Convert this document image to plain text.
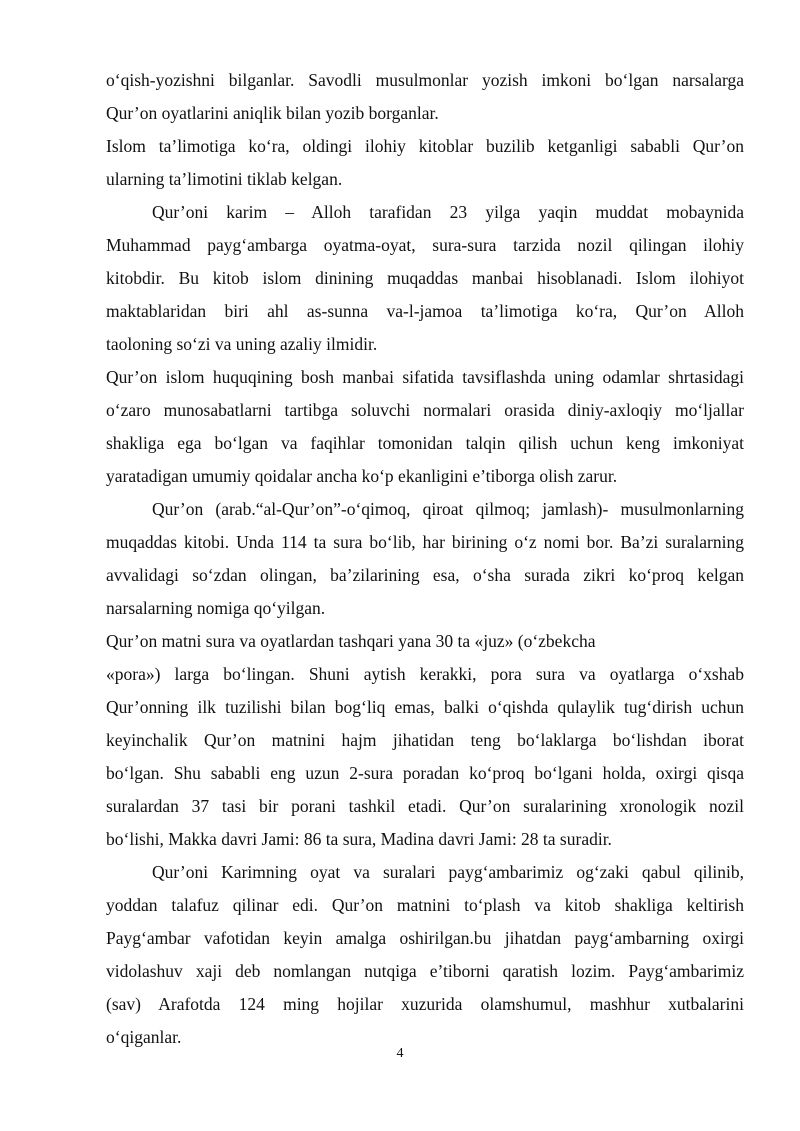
o‘qish-yozishni bilganlar. Savodli musulmonlar yozish imkoni bo‘lgan narsalarga
Qur’on oyatlarini aniqlik bilan yozib borganlar.
Islom ta’limotiga ko‘ra, oldingi ilohiy kitoblar buzilib ketganligi sababli Qur’on
ularning ta’limotini tiklab kelgan.
Qur’oni karim – Alloh tarafidan 23 yilga yaqin muddat mobaynida
Muhammad payg‘ambarga oyatma-oyat, sura-sura tarzida nozil qilingan ilohiy
kitobdir. Bu kitob islom dinining muqaddas manbai hisoblanadi. Islom ilohiyot
maktablaridan biri ahl as-sunna va-l-jamoa ta’limotiga ko‘ra, Qur’on Alloh
taoloning so‘zi va uning azaliy ilmidir.
Qur’on islom huquqining bosh manbai sifatida tavsiflashda uning odamlar shrtasidagi
o‘zaro munosabatlarni tartibga soluvchi normalari orasida diniy-axloqiy mo‘ljallar
shakliga ega bo‘lgan va faqihlar tomonidan talqin qilish uchun keng imkoniyat
yaratadigan umumiy qoidalar ancha ko‘p ekanligini e’tiborga olish zarur.
Qur’on (arab.“al-Qur’on”-o‘qimoq, qiroat qilmoq; jamlash)- musulmonlarning
muqaddas kitobi. Unda 114 ta sura bo‘lib, har birining o‘z nomi bor. Ba’zi suralarning
avvalidagi so‘zdan olingan, ba’zilarining esa, o‘sha surada zikri ko‘proq kelgan
narsalarning nomiga qo‘yilgan.
Qur’on matni sura va oyatlardan tashqari yana 30 ta «juz» (o‘zbekcha
«pora») larga bo‘lingan. Shuni aytish kerakki, pora sura va oyatlarga o‘xshab
Qur’onning ilk tuzilishi bilan bog‘liq emas, balki o‘qishda qulaylik tug‘dirish uchun
keyinchalik Qur’on matnini hajm jihatidan teng bo‘laklarga bo‘lishdan iborat
bo‘lgan. Shu sababli eng uzun 2-sura poradan ko‘proq bo‘lgani holda, oxirgi qisqa
suralardan 37 tasi bir porani tashkil etadi. Qur’on suralarining xronologik nozil
bo‘lishi, Makka davri Jami: 86 ta sura, Madina davri Jami: 28 ta suradir.
Qur’oni Karimning oyat va suralari payg‘ambarimiz og‘zaki qabul qilinib,
yoddan talafuz qilinar edi. Qur’on matnini to‘plash va kitob shakliga keltirish
Payg‘ambar vafotidan keyin amalga oshirilgan.bu jihatdan payg‘ambarning oxirgi
vidolashuv xaji deb nomlangan nutqiga e’tiborni qaratish lozim. Payg‘ambarimiz
(sav) Arafotda 124 ming hojilar xuzurida olamshumul, mashhur xutbalarini
o‘qiganlar.
4
